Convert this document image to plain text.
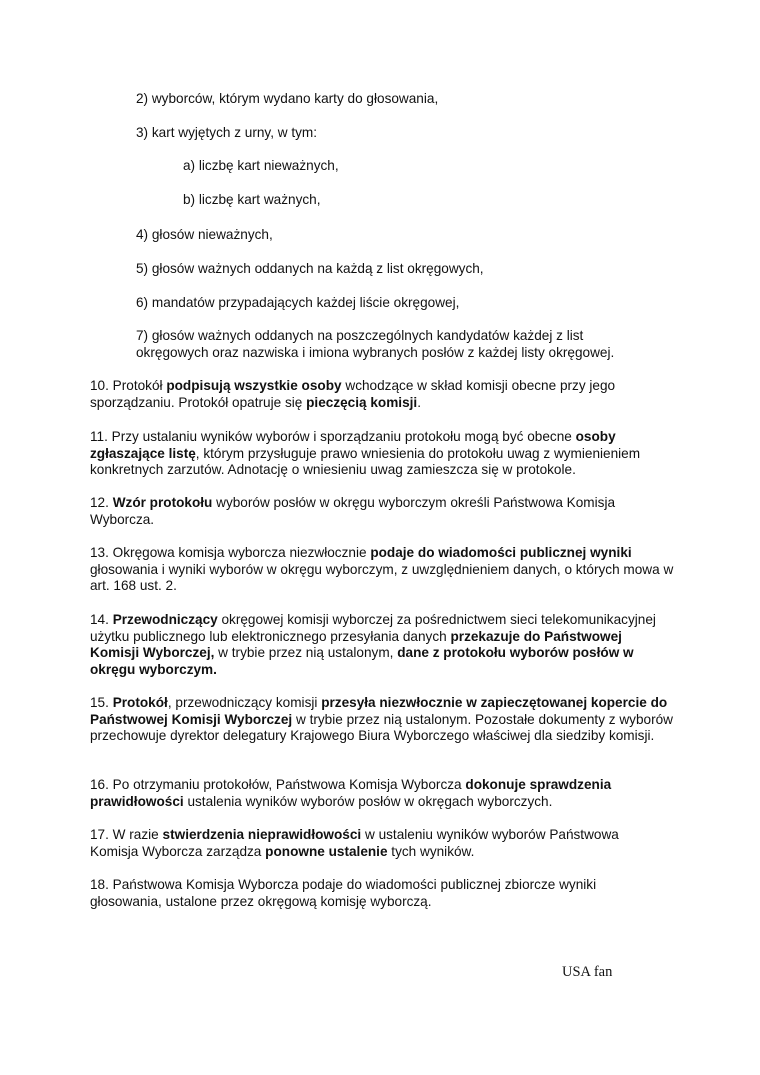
2) wyborców, którym wydano karty do głosowania,

3) kart wyjętych z urny, w tym:

a) liczbę kart nieważnych,

b) liczbę kart ważnych,

4) głosów nieważnych,

5) głosów ważnych oddanych na każdą z list okręgowych,

6) mandatów przypadających każdej liście okręgowej,

7) głosów ważnych oddanych na poszczególnych kandydatów każdej z list okręgowych oraz nazwiska i imiona wybranych posłów z każdej listy okręgowej.

10. Protokół podpisują wszystkie osoby wchodzące w skład komisji obecne przy jego sporządzaniu. Protokół opatruje się pieczęcią komisji.

11. Przy ustalaniu wyników wyborów i sporządzaniu protokołu mogą być obecne osoby zgłaszające listę, którym przysługuje prawo wniesienia do protokołu uwag z wymienieniem konkretnych zarzutów. Adnotację o wniesieniu uwag zamieszcza się w protokole.

12. Wzór protokołu wyborów posłów w okręgu wyborczym określi Państwowa Komisja Wyborcza.

13. Okręgowa komisja wyborcza niezwłocznie podaje do wiadomości publicznej wyniki głosowania i wyniki wyborów w okręgu wyborczym, z uwzględnieniem danych, o których mowa w art. 168 ust. 2.

14. Przewodniczący okręgowej komisji wyborczej za pośrednictwem sieci telekomunikacyjnej użytku publicznego lub elektronicznego przesyłania danych przekazuje do Państwowej Komisji Wyborczej, w trybie przez nią ustalonym, dane z protokołu wyborów posłów w okręgu wyborczym.

15. Protokół, przewodniczący komisji przesyła niezwłocznie w zapieczętowanej kopercie do Państwowej Komisji Wyborczej w trybie przez nią ustalonym. Pozostałe dokumenty z wyborów przechowuje dyrektor delegatury Krajowego Biura Wyborczego właściwej dla siedziby komisji.

16. Po otrzymaniu protokołów, Państwowa Komisja Wyborcza dokonuje sprawdzenia prawidłowości ustalenia wyników wyborów posłów w okręgach wyborczych.

17. W razie stwierdzenia nieprawidłowości w ustaleniu wyników wyborów Państwowa Komisja Wyborcza zarządza ponowne ustalenie tych wyników.

18. Państwowa Komisja Wyborcza podaje do wiadomości publicznej zbiorcze wyniki głosowania, ustalone przez okręgową komisję wyborczą.

USA fan
